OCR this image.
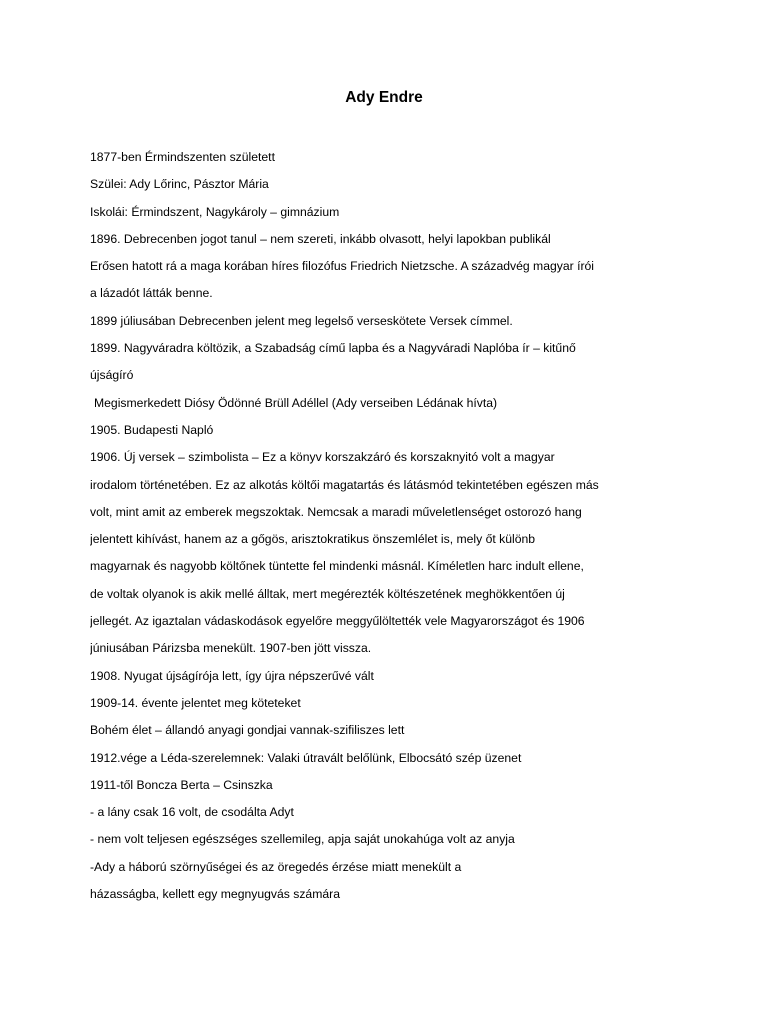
Ady Endre
1877-ben Érmindszenten született
Szülei: Ady Lőrinc, Pásztor Mária
Iskolái: Érmindszent, Nagykároly – gimnázium
1896. Debrecenben jogot tanul – nem szereti, inkább olvasott, helyi lapokban publikál
Erősen hatott rá a maga korában híres filozófus Friedrich Nietzsche. A századvég magyar írói
a lázadót látták benne.
1899 júliusában Debrecenben jelent meg legelső verseskötete Versek címmel.
1899. Nagyváradra költözik, a Szabadság című lapba és a Nagyváradi Naplóba ír – kitűnő
újságíró
Megismerkedett Diósy Ödönné Brüll Adéllel (Ady verseiben Lédának hívta)
1905. Budapesti Napló
1906. Új versek – szimbolista – Ez a könyv korszakzáró és korszaknyitó volt a magyar
irodalom történetében. Ez az alkotás költői magatartás és látásmód tekintetében egészen más
volt, mint amit az emberek megszoktak. Nemcsak a maradi műveletlenséget ostorozó hang
jelentett kihívást, hanem az a gőgös, arisztokratikus önszemlélet is, mely őt különb
magyarnak és nagyobb költőnek tüntette fel mindenki másnál. Kíméletlen harc indult ellene,
de voltak olyanok is akik mellé álltak, mert megérezték költészetének meghökkentően új
jellegét. Az igaztalan vádaskodások egyelőre meggyűlöltették vele Magyarországot és 1906
júniusában Párizsba menekült. 1907-ben jött vissza.
1908. Nyugat újságírója lett, így újra népszerűvé vált
1909-14. évente jelentet meg köteteket
Bohém élet – állandó anyagi gondjai vannak-szifiliszes lett
1912.vége a Léda-szerelemnek: Valaki útravált belőlünk, Elbocsátó szép üzenet
1911-től Boncza Berta – Csinszka
- a lány csak 16 volt, de csodálta Adyt
- nem volt teljesen egészséges szellemileg, apja saját unokahúga volt az anyja
-Ady a háború szörnyűségei és az öregedés érzése miatt menekült a
házasságba, kellett egy megnyugvás számára
